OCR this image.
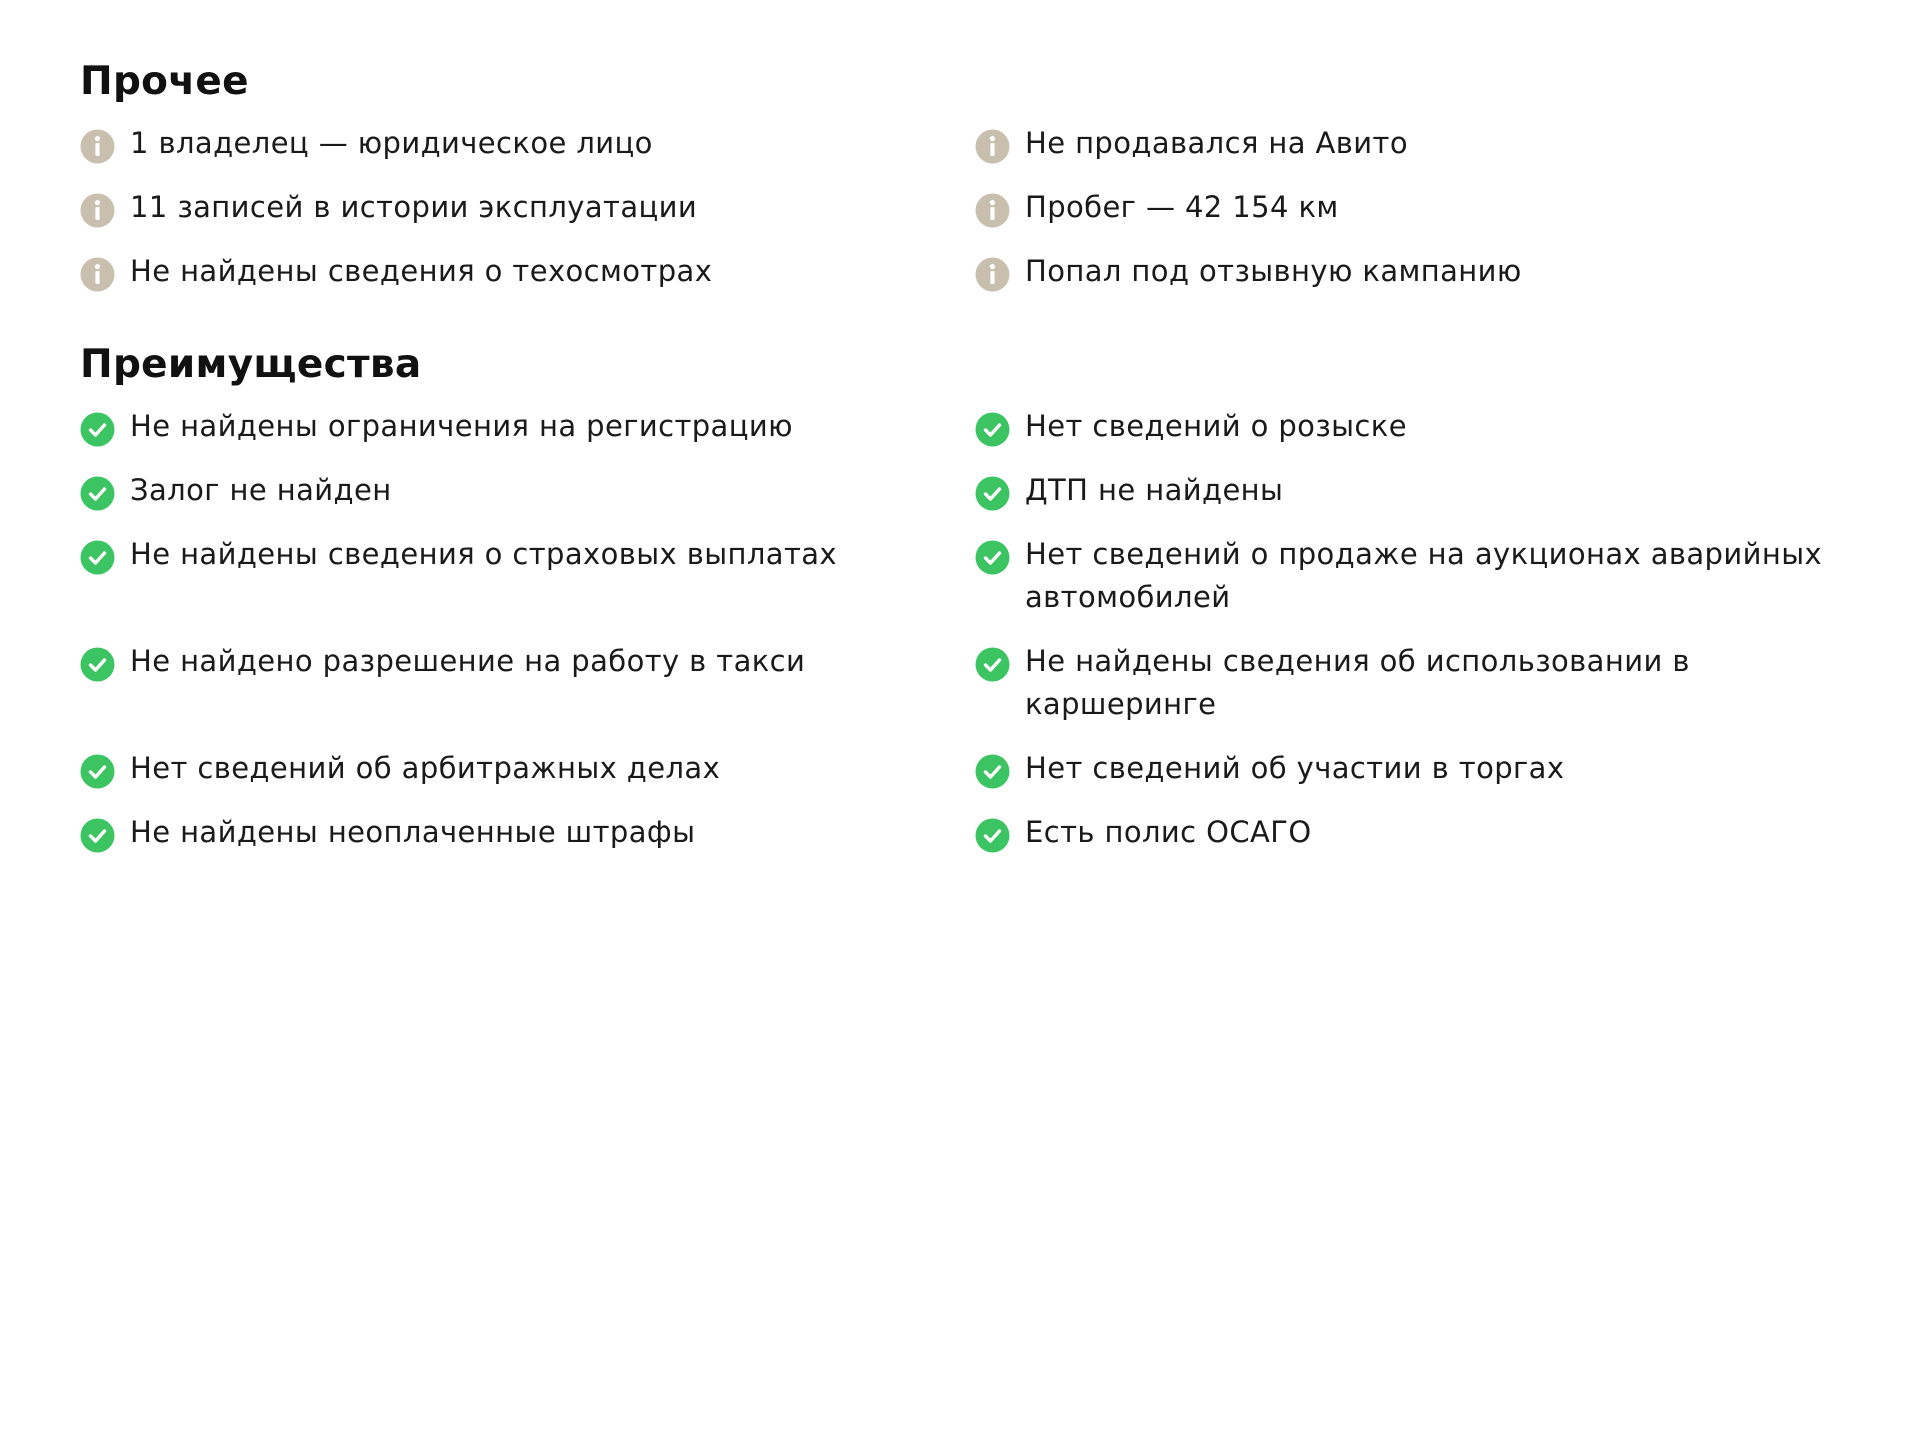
Прочее
1 владелец — юридическое лицо	Не продавался на Авито
11 записей в истории эксплуатации	Пробег — 42 154 км
Не найдены сведения о техосмотрах	Попал под отзывную кампанию
Преимущества
Не найдены ограничения на регистрацию	Нет сведений о розыске
Залог не найден	ДТП не найдены
Не найдены сведения о страховых выплатах	Нет сведений о продаже на аукционах аварийных автомобилей
Не найдено разрешение на работу в такси	Не найдены сведения об использовании в каршеринге
Нет сведений об арбитражных делах	Нет сведений об участии в торгах
Не найдены неоплаченные штрафы	Есть полис ОСАГО
